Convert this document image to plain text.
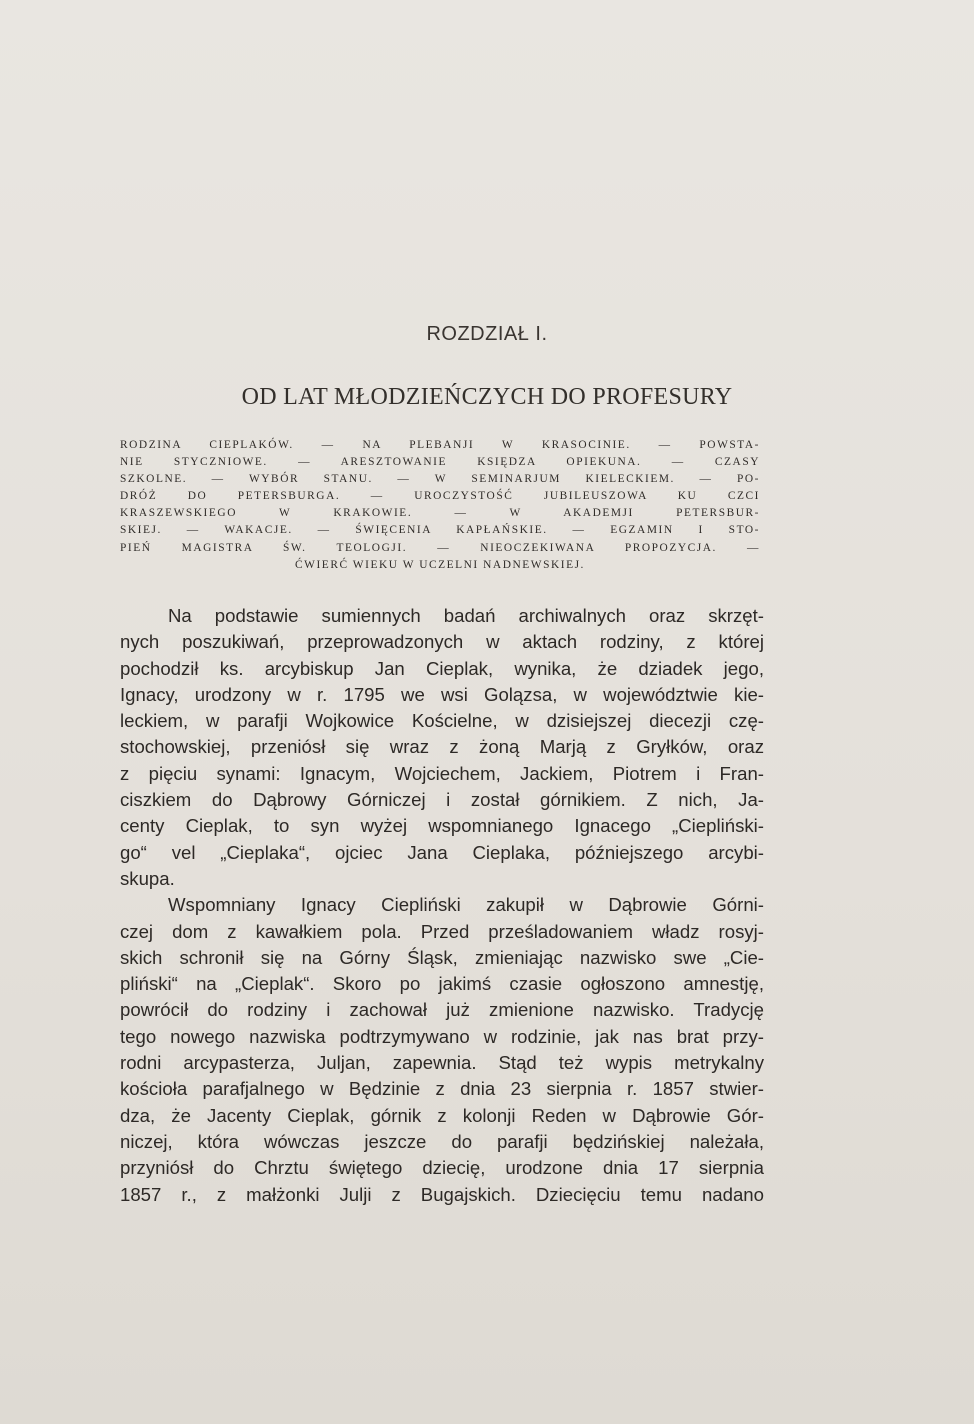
ROZDZIAŁ I.
OD LAT MŁODZIEŃCZYCH DO PROFESURY
RODZINA CIEPLAKÓW. — NA PLEBANJI W KRASOCINIE. — POWSTA-
NIE STYCZNIOWE. — ARESZTOWANIE KSIĘDZA OPIEKUNA. — CZASY
SZKOLNE. — WYBÓR STANU. — W SEMINARJUM KIELECKIEM. — PO-
DRÓŻ DO PETERSBURGA. — UROCZYSTOŚĆ JUBILEUSZOWA KU CZCI
KRASZEWSKIEGO W KRAKOWIE. — W AKADEMJI PETERSBUR-
SKIEJ. — WAKACJE. — ŚWIĘCENIA KAPŁAŃSKIE. — EGZAMIN I STO-
PIEŃ MAGISTRA ŚW. TEOLOGJI. — NIEOCZEKIWANA PROPOZYCJA. —
ĆWIERĆ WIEKU W UCZELNI NADNEWSKIEJ.
Na podstawie sumiennych badań archiwalnych oraz skrzęt-
nych poszukiwań, przeprowadzonych w aktach rodziny, z której
pochodził ks. arcybiskup Jan Cieplak, wynika, że dziadek jego,
Ignacy, urodzony w r. 1795 we wsi Golązsa, w województwie kie-
leckiem, w parafji Wojkowice Kościelne, w dzisiejszej diecezji czę-
stochowskiej, przeniósł się wraz z żoną Marją z Gryłków, oraz
z pięciu synami: Ignacym, Wojciechem, Jackiem, Piotrem i Fran-
ciszkiem do Dąbrowy Górniczej i został górnikiem. Z nich, Ja-
centy Cieplak, to syn wyżej wspomnianego Ignacego „Ciepliński-
go“ vel „Cieplaka“, ojciec Jana Cieplaka, późniejszego arcybi-
skupa.
Wspomniany Ignacy Ciepliński zakupił w Dąbrowie Górni-
czej dom z kawałkiem pola. Przed prześladowaniem władz rosyj-
skich schronił się na Górny Śląsk, zmieniając nazwisko swe „Cie-
pliński“ na „Cieplak“. Skoro po jakimś czasie ogłoszono amnestję,
powrócił do rodziny i zachował już zmienione nazwisko. Tradycję
tego nowego nazwiska podtrzymywano w rodzinie, jak nas brat przy-
rodni arcypasterza, Juljan, zapewnia. Stąd też wypis metrykalny
kościoła parafjalnego w Będzinie z dnia 23 sierpnia r. 1857 stwier-
dza, że Jacenty Cieplak, górnik z kolonji Reden w Dąbrowie Gór-
niczej, która wówczas jeszcze do parafji będzińskiej należała,
przyniósł do Chrztu świętego dziecię, urodzone dnia 17 sierpnia
1857 r., z małżonki Julji z Bugajskich. Dziecięciu temu nadano
